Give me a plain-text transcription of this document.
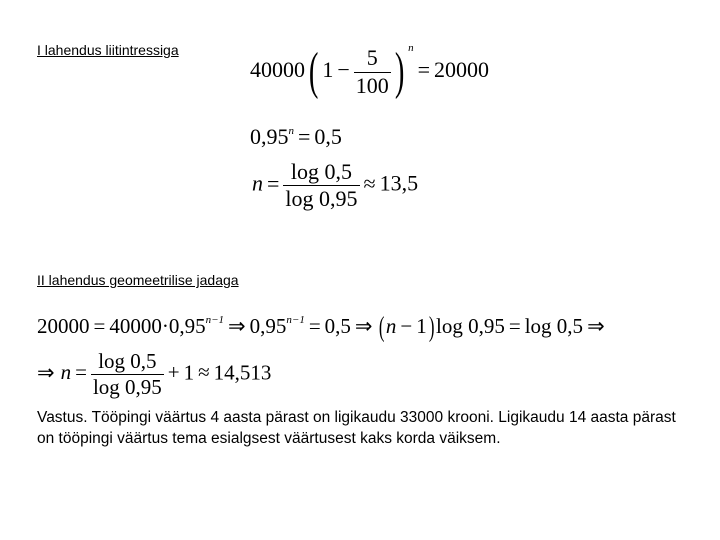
I lahendus liitintressiga
40000( $1 - \frac{5}{100}$ ) $^n$= 20000
$0,95^n = 0,5$
$n = \frac{\log 0,5}{\log 0,95} \approx 13,5$
II lahendus geomeetrilise jadaga
$20000 = 40000\cdot 0,95^{n-1}$ ⇒ $0,95^{n-1} = 0,5$ ⇒ (n − 1)log 0,95 = log 0,5 ⇒
⇒ $n = \frac{\log 0,5}{\log 0,95} + 1 \approx 14,513$
Vastus. Tööpingi väärtus 4 aasta pärast on ligikaudu 33000 krooni. Ligikaudu 14 aasta pärast on tööpingi väärtus tema esialgsest väärtusest kaks korda väiksem.
